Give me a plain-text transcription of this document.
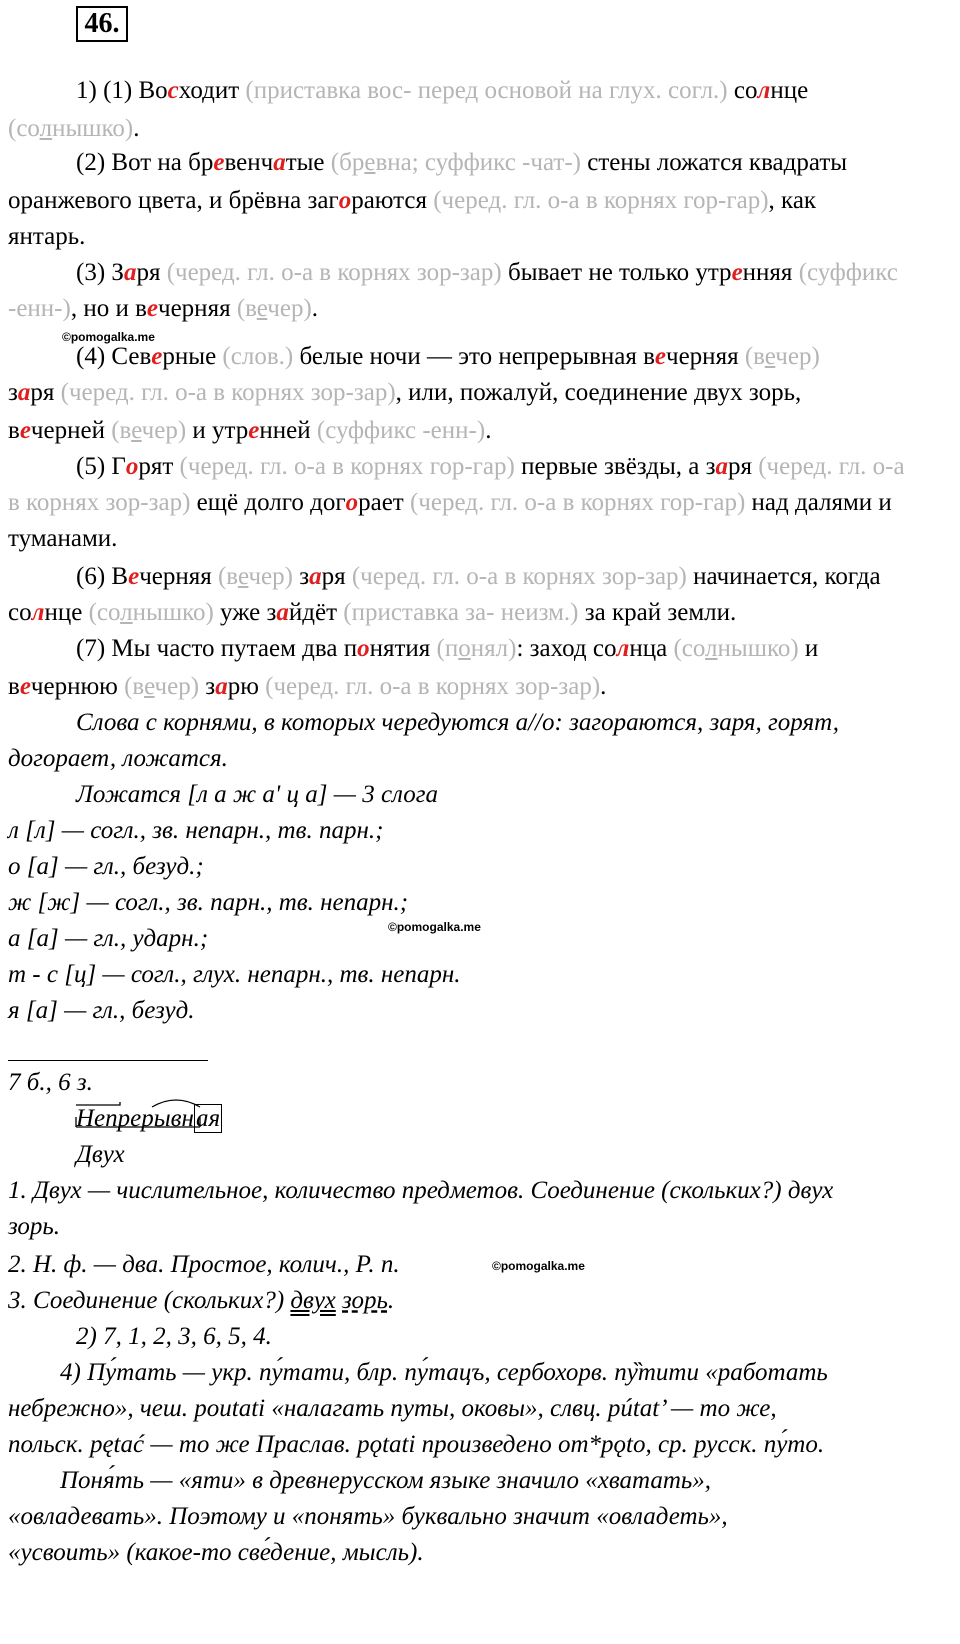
46.
1) (1) Восходит (приставка вос- перед основой на глух. согл.) солнце
(солнышко).
(2) Вот на бревенчатые (бревна; суффикс -чат-) стены ложатся квадраты
оранжевого цвета, и брёвна загораются (черед. гл. о-а в корнях гор-гар), как
янтарь.
(3) Заря (черед. гл. о-а в корнях зор-зар) бывает не только утренняя (суффикс
-енн-), но и вечерняя (вечер).
©pomogalka.me
(4) Северные (слов.) белые ночи — это непрерывная вечерняя (вечер)
заря (черед. гл. о-а в корнях зор-зар), или, пожалуй, соединение двух зорь,
вечерней (вечер) и утренней (суффикс -енн-).
(5) Горят (черед. гл. о-а в корнях гор-гар) первые звёзды, а заря (черед. гл. о-а
в корнях зор-зар) ещё долго догорает (черед. гл. о-а в корнях гор-гар) над далями и
туманами.
(6) Вечерняя (вечер) заря (черед. гл. о-а в корнях зор-зар) начинается, когда
солнце (солнышко) уже зайдёт (приставка за- неизм.) за край земли.
(7) Мы часто путаем два понятия (понял): заход солнца (солнышко) и
вечернюю (вечер) зарю (черед. гл. о-а в корнях зор-зар).
Слова с корнями, в которых чередуются а//о: загораются, заря, горят,
догорает, ложатся.
Ложатся [л а ж а' ц а] — 3 слога
л [л] — согл., зв. непарн., тв. парн.;
о [а] — гл., безуд.;
ж [ж] — согл., зв. парн., тв. непарн.;
©pomogalka.me
а [а] — гл., ударн.;
т - с [ц] — согл., глух. непарн., тв. непарн.
я [а] — гл., безуд.
7 б., 6 з.
Непрерывная
Двух
1. Двух — числительное, количество предметов. Соединение (скольких?) двух
зорь.
2. Н. ф. — два. Простое, колич., Р. п.	©pomogalka.me
3. Соединение (скольких?) двух зорь.
2) 7, 1, 2, 3, 6, 5, 4.
4) Пу́тать — укр. пу́тати, блр. пу́тацъ, сербохорв. пу̏тити «работать
небрежно», чеш. poutati «налагать путы, оковы», слвц. pútat’ — то же,
польск. pętać — то же Праслав. pǫtati произведено от*pǫto, ср. русск. пу́то.
Поня́ть — «яти» в древнерусском языке значило «хватать»,
«овладевать». Поэтому и «понять» буквально значит «овладеть»,
«усвоить» (какое-то све́дение, мысль).
